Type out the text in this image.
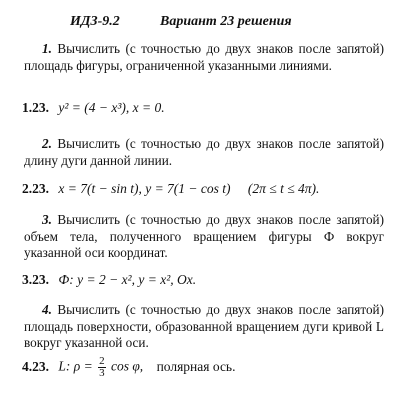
ИДЗ-9.2	Вариант 23 решения
1. Вычислить (с точностью до двух знаков после запятой) площадь фигуры, ограниченной указанными линиями.
1.23. y² = (4 − x³), x = 0.
2. Вычислить (с точностью до двух знаков после запятой) длину дуги данной линии.
2.23. x = 7(t − sin t), y = 7(1 − cos t) (2π ≤ t ≤ 4π).
3. Вычислить (с точностью до двух знаков после запятой) объем тела, полученного вращением фигуры Ф вокруг указанной оси координат.
3.23. Ф: y = 2 − x², y = x², Ox.
4. Вычислить (с точностью до двух знаков после запятой) площадь поверхности, образованной вращением дуги кривой L вокруг указанной оси.
4.23. L: $\rho = \frac{2}{3}$ cos φ, полярная ось.
